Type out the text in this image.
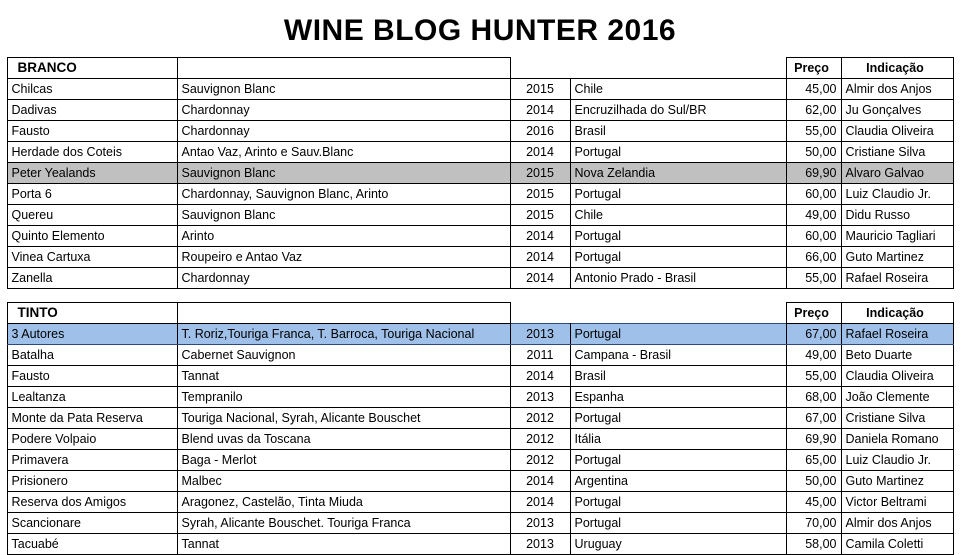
WINE BLOG HUNTER 2016
BRANCO				Preço	Indicação
Chilcas	Sauvignon Blanc	2015	Chile	45,00	Almir dos Anjos
Dadivas	Chardonnay	2014	Encruzilhada do Sul/BR	62,00	Ju Gonçalves
Fausto	Chardonnay	2016	Brasil	55,00	Claudia Oliveira
Herdade dos Coteis	Antao Vaz, Arinto e Sauv.Blanc	2014	Portugal	50,00	Cristiane Silva
Peter Yealands	Sauvignon Blanc	2015	Nova Zelandia	69,90	Alvaro Galvao
Porta 6	Chardonnay, Sauvignon Blanc, Arinto	2015	Portugal	60,00	Luiz Claudio Jr.
Quereu	Sauvignon Blanc	2015	Chile	49,00	Didu Russo
Quinto Elemento	Arinto	2014	Portugal	60,00	Mauricio Tagliari
Vinea Cartuxa	Roupeiro e Antao Vaz	2014	Portugal	66,00	Guto Martinez
Zanella	Chardonnay	2014	Antonio Prado - Brasil	55,00	Rafael Roseira

TINTO				Preço	Indicação
3 Autores	T. Roriz,Touriga Franca, T. Barroca, Touriga Nacional	2013	Portugal	67,00	Rafael Roseira
Batalha	Cabernet Sauvignon	2011	Campana - Brasil	49,00	Beto Duarte
Fausto	Tannat	2014	Brasil	55,00	Claudia Oliveira
Lealtanza	Tempranilo	2013	Espanha	68,00	João Clemente
Monte da Pata Reserva	Touriga Nacional, Syrah, Alicante Bouschet	2012	Portugal	67,00	Cristiane Silva
Podere Volpaio	Blend uvas da Toscana	2012	Itália	69,90	Daniela Romano
Primavera	Baga - Merlot	2012	Portugal	65,00	Luiz Claudio Jr.
Prisionero	Malbec	2014	Argentina	50,00	Guto Martinez
Reserva dos Amigos	Aragonez, Castelão, Tinta Miuda	2014	Portugal	45,00	Victor Beltrami
Scancionare	Syrah, Alicante Bouschet. Touriga Franca	2013	Portugal	70,00	Almir dos Anjos
Tacuabé	Tannat	2013	Uruguay	58,00	Camila Coletti
